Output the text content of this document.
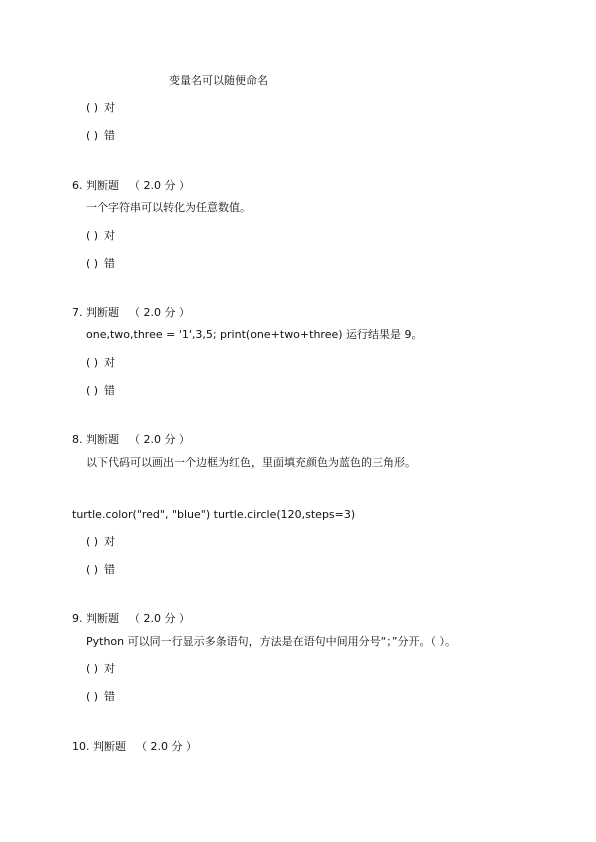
变量名可以随便命名
( ) 对
( ) 错
6. 判断题 （ 2.0 分 ）
一个字符串可以转化为任意数值。
( ) 对
( ) 错
7. 判断题 （ 2.0 分 ）
one,two,three = '1',3,5; print(one+two+three) 运行结果是 9。
( ) 对
( ) 错
8. 判断题 （ 2.0 分 ）
以下代码可以画出一个边框为红色，里面填充颜色为蓝色的三角形。
turtle.color("red", "blue") turtle.circle(120,steps=3)
( ) 对
( ) 错
9. 判断题 （ 2.0 分 ）
Python 可以同一行显示多条语句，方法是在语句中间用分号“；”分开。（ ）。
( ) 对
( ) 错
10. 判断题 （ 2.0 分 ）
